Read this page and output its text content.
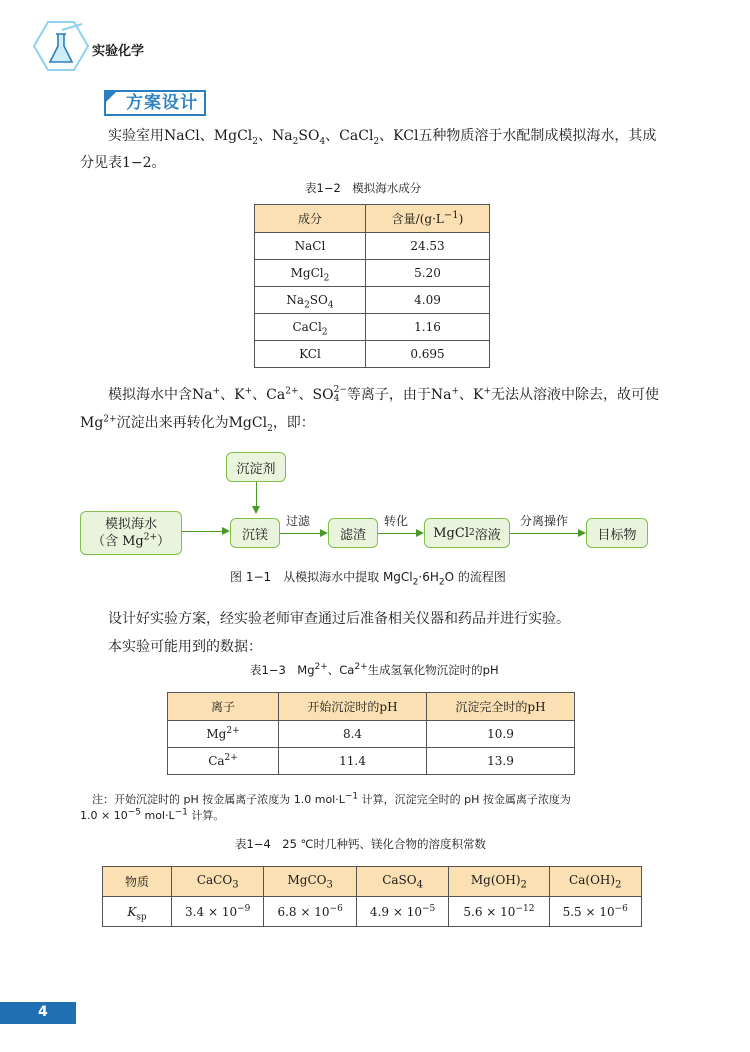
实验化学
方案设计
实验室用NaCl、MgCl$_2$、$Na_2SO_4$、CaCl$_2$、KCl五种物质溶于水配制成模拟海水，其成
分见表1−2。
表1−2　模拟海水成分
成分	含量$/(g\cdot L^{-1})$
NaCl	24.53
MgCl$_2$	5.20
$Na_2SO_4$	4.09
CaCl$_2$	1.16
KCl	0.695
模拟海水中含Na+、K+、$Ca^{2+}$、SO 2−
4 等离子，由于Na+、K+无法从溶液中除去，故可使
$Mg^{2+}$沉淀出来再转化为MgCl$_2$，即：
沉淀剂
模拟海水
（含 $Mg^{2+}$）	沉镁
过滤
滤渣
转化
MgCl 2 溶液
分离操作
目标物
图 1−1　从模拟海水中提取 $MgCl_2\cdot 6H_2O$ 的流程图
设计好实验方案，经实验老师审查通过后准备相关仪器和药品并进行实验。
本实验可能用到的数据：
表1−3　$Mg^{2+}$、$Ca^{2+}$生成氢氧化物沉淀时的pH
离子	开始沉淀时的pH	沉淀完全时的pH
$Mg^{2+}$	8.4	10.9
$Ca^{2+}$	11.4	13.9
注：开始沉淀时的 pH 按金属离子浓度为 1.0 $mol\cdot L^{-1}$ 计算，沉淀完全时的 pH 按金属离子浓度为
$1.0 \times 10^{-5}$ $mol\cdot L^{-1}$ 计算。
表1−4　25 ℃时几种钙、镁化合物的溶度积常数
物质	CaCO$_3$	MgCO$_3$	CaSO$_4$	$Mg(OH)_2$	$Ca(OH)_2$
$K_{sp}$	$3.4 \times 10^{-9}$	$6.8 \times 10^{-6}$	$4.9 \times 10^{-5}$	$5.6 \times 10^{-12}$	$5.5 \times 10^{-6}$
4
